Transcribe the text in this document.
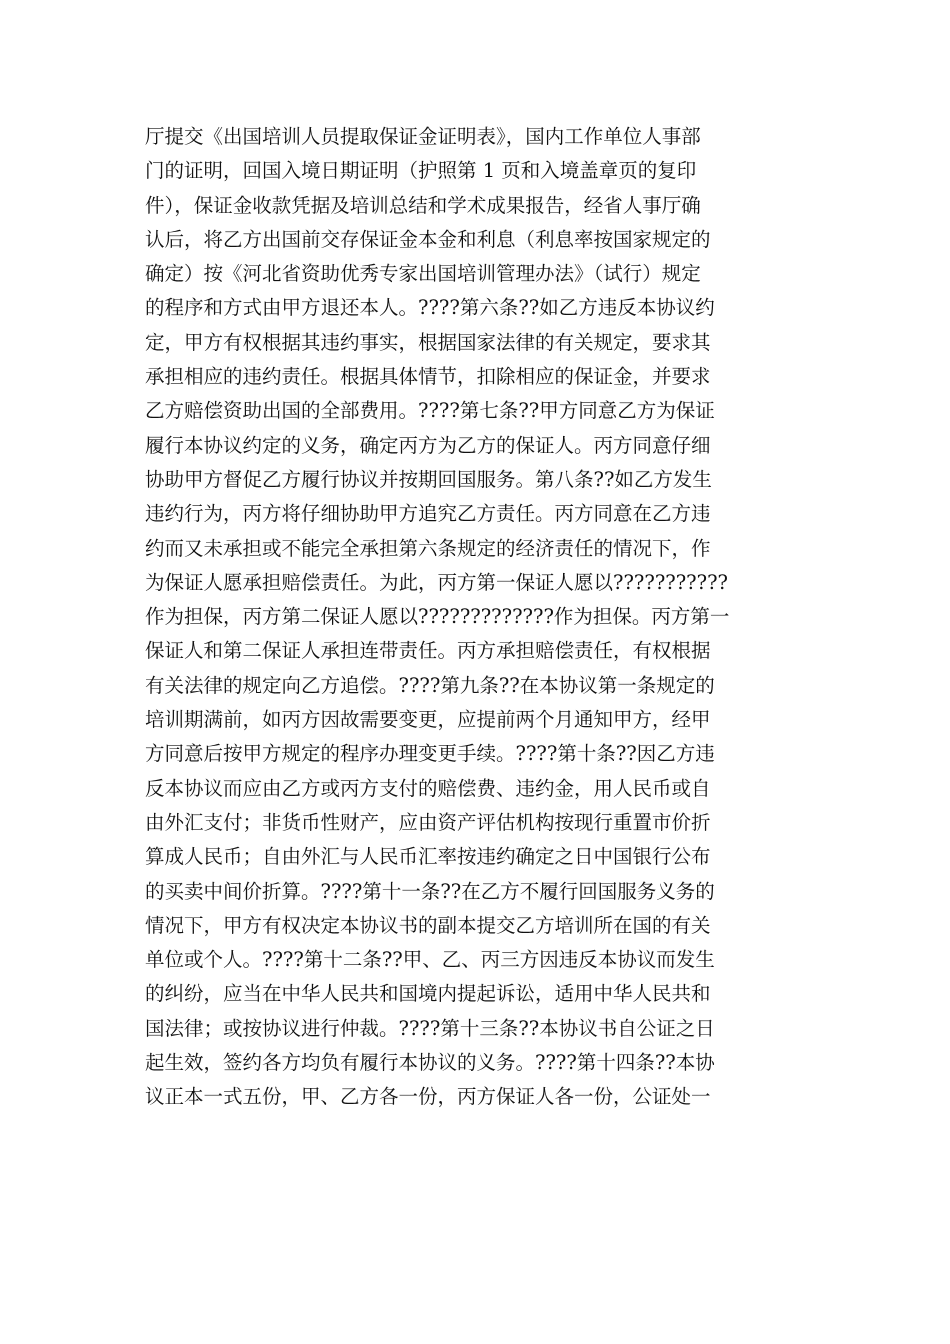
厅提交《出国培训人员提取保证金证明表》，国内工作单位人事部
门的证明，回国入境日期证明（护照第 1 页和入境盖章页的复印
件），保证金收款凭据及培训总结和学术成果报告，经省人事厅确
认后，将乙方出国前交存保证金本金和利息（利息率按国家规定的
确定）按《河北省资助优秀专家出国培训管理办法》（试行）规定
的程序和方式由甲方退还本人。????第六条??如乙方违反本协议约
定，甲方有权根据其违约事实，根据国家法律的有关规定，要求其
承担相应的违约责任。根据具体情节，扣除相应的保证金，并要求
乙方赔偿资助出国的全部费用。????第七条??甲方同意乙方为保证
履行本协议约定的义务，确定丙方为乙方的保证人。丙方同意仔细
协助甲方督促乙方履行协议并按期回国服务。第八条??如乙方发生
违约行为，丙方将仔细协助甲方追究乙方责任。丙方同意在乙方违
约而又未承担或不能完全承担第六条规定的经济责任的情况下，作
为保证人愿承担赔偿责任。为此，丙方第一保证人愿以???????????
作为担保，丙方第二保证人愿以?????????????作为担保。丙方第一
保证人和第二保证人承担连带责任。丙方承担赔偿责任，有权根据
有关法律的规定向乙方追偿。????第九条??在本协议第一条规定的
培训期满前，如丙方因故需要变更，应提前两个月通知甲方，经甲
方同意后按甲方规定的程序办理变更手续。????第十条??因乙方违
反本协议而应由乙方或丙方支付的赔偿费、违约金，用人民币或自
由外汇支付；非货币性财产，应由资产评估机构按现行重置市价折
算成人民币；自由外汇与人民币汇率按违约确定之日中国银行公布
的买卖中间价折算。????第十一条??在乙方不履行回国服务义务的
情况下，甲方有权决定本协议书的副本提交乙方培训所在国的有关
单位或个人。????第十二条??甲、乙、丙三方因违反本协议而发生
的纠纷，应当在中华人民共和国境内提起诉讼，适用中华人民共和
国法律；或按协议进行仲裁。????第十三条??本协议书自公证之日
起生效，签约各方均负有履行本协议的义务。????第十四条??本协
议正本一式五份，甲、乙方各一份，丙方保证人各一份，公证处一
